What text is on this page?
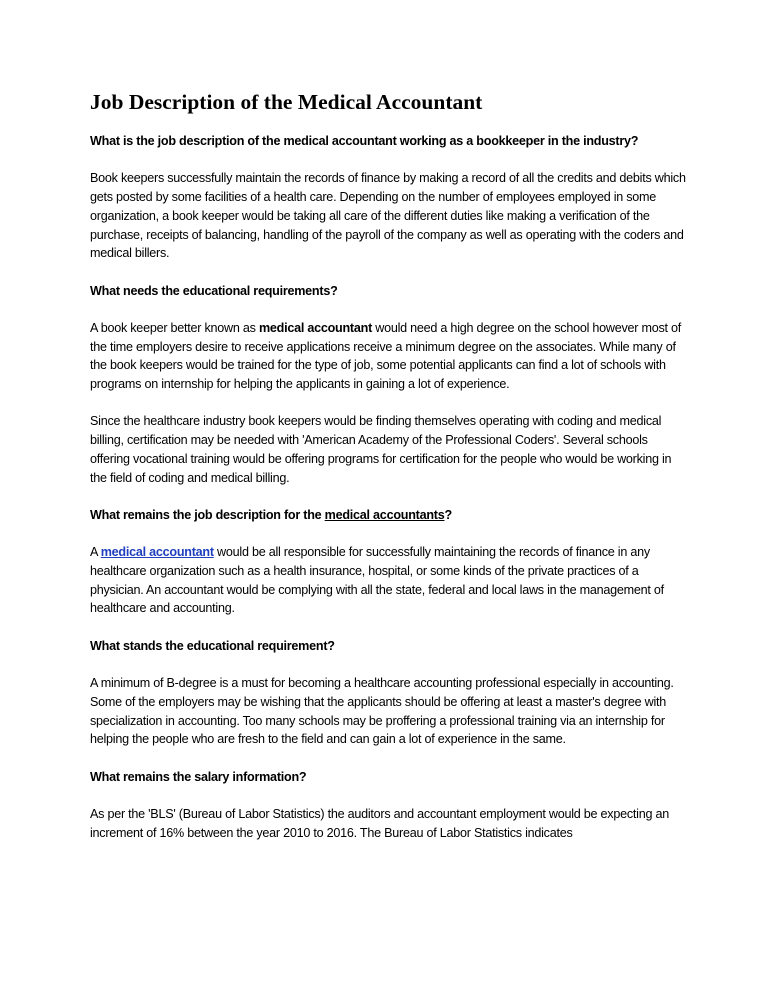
Job Description of the Medical Accountant

What is the job description of the medical accountant working as a bookkeeper in the industry?

Book keepers successfully maintain the records of finance by making a record of all the credits and debits which gets posted by some facilities of a health care. Depending on the number of employees employed in some organization, a book keeper would be taking all care of the different duties like making a verification of the purchase, receipts of balancing, handling of the payroll of the company as well as operating with the coders and medical billers.

What needs the educational requirements?

A book keeper better known as medical accountant would need a high degree on the school however most of the time employers desire to receive applications receive a minimum degree on the associates. While many of the book keepers would be trained for the type of job, some potential applicants can find a lot of schools with programs on internship for helping the applicants in gaining a lot of experience.

Since the healthcare industry book keepers would be finding themselves operating with coding and medical billing, certification may be needed with 'American Academy of the Professional Coders'. Several schools offering vocational training would be offering programs for certification for the people who would be working in the field of coding and medical billing.

What remains the job description for the medical accountants?

A medical accountant would be all responsible for successfully maintaining the records of finance in any healthcare organization such as a health insurance, hospital, or some kinds of the private practices of a physician. An accountant would be complying with all the state, federal and local laws in the management of healthcare and accounting.

What stands the educational requirement?

A minimum of B-degree is a must for becoming a healthcare accounting professional especially in accounting. Some of the employers may be wishing that the applicants should be offering at least a master's degree with specialization in accounting. Too many schools may be proffering a professional training via an internship for helping the people who are fresh to the field and can gain a lot of experience in the same.

What remains the salary information?

As per the 'BLS' (Bureau of Labor Statistics) the auditors and accountant employment would be expecting an increment of 16% between the year 2010 to 2016. The Bureau of Labor Statistics indicates
